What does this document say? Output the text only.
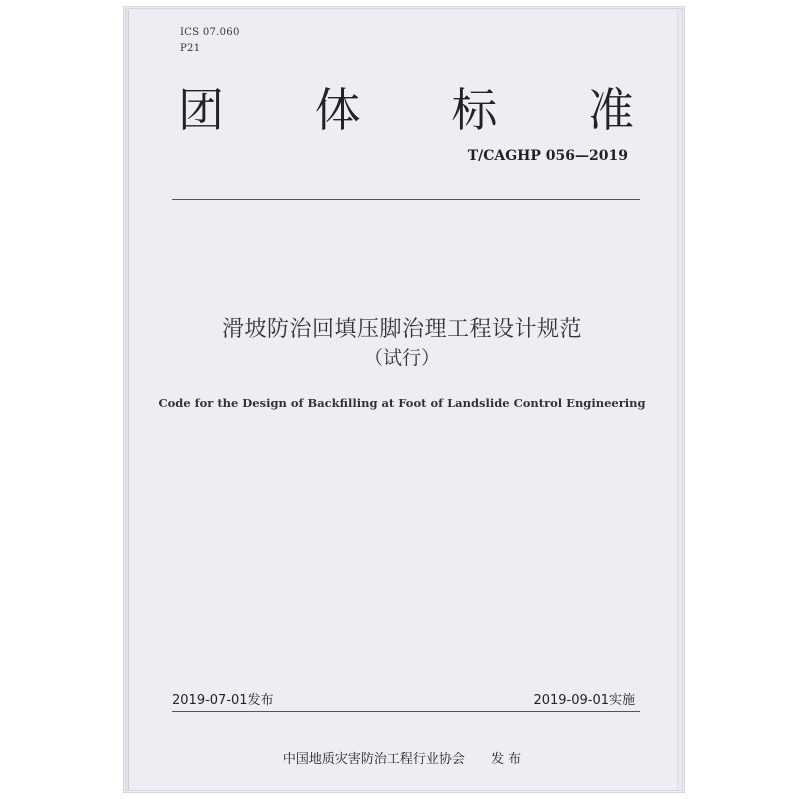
ICS 07.060
P21
团 体 标 准
T/CAGHP 056—2019
滑坡防治回填压脚治理工程设计规范
（试行）
Code for the Design of Backfilling at Foot of Landslide Control Engineering
2019-07-01发布	2019-09-01实施
中国地质灾害防治工程行业协会 发 布
